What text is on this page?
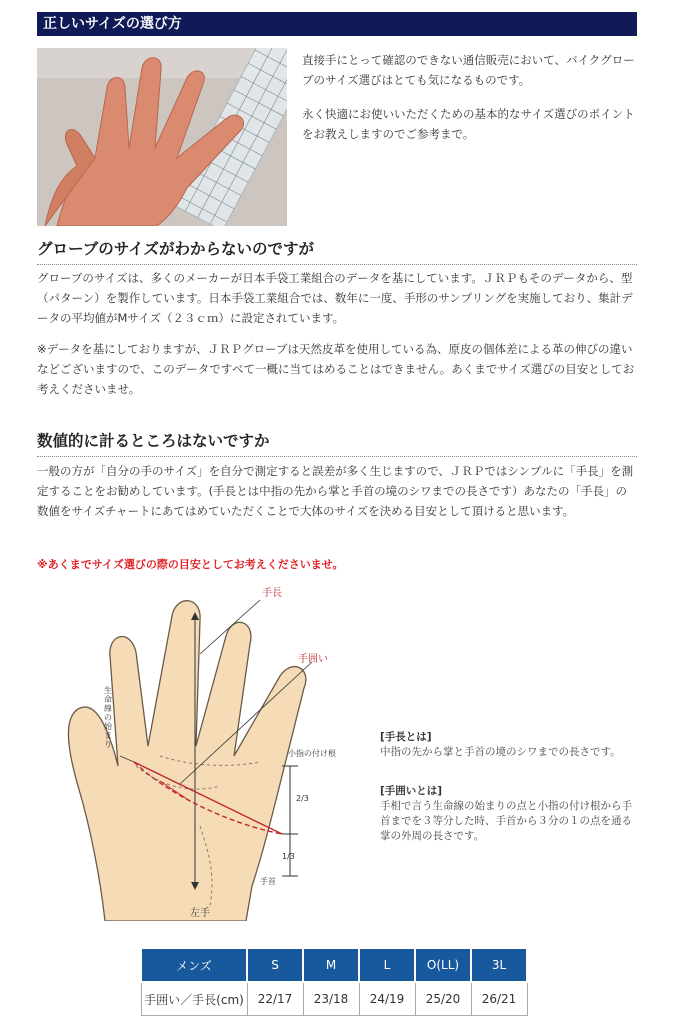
正しいサイズの選び方

直接手にとって確認のできない通信販売において、バイクグローブのサイズ選びはとても気になるものです。

永く快適にお使いいただくための基本的なサイズ選びのポイントをお教えしますのでご参考まで。

グローブのサイズがわからないのですが
グローブのサイズは、多くのメーカーが日本手袋工業組合のデータを基にしています。ＪＲＰもそのデータから、型（パターン）を製作しています。日本手袋工業組合では、数年に一度、手形のサンプリングを実施しており、集計データの平均値がMサイズ（２３ｃｍ）に設定されています。
※データを基にしておりますが、ＪＲＰグローブは天然皮革を使用している為、原皮の個体差による革の伸びの違いなどございますので、このデータですべて一概に当てはめることはできません。あくまでサイズ選びの目安としてお考えくださいませ。
数値的に計るところはないですか
一般の方が「自分の手のサイズ」を自分で測定すると誤差が多く生じますので、ＪＲＰではシンプルに「手長」を測定することをお勧めしています。(手長とは中指の先から掌と手首の境のシワまでの長さです）あなたの「手長」の数値をサイズチャートにあてはめていただくことで大体のサイズを決める目安として頂けると思います。
※あくまでサイズ選びの際の目安としてお考えくださいませ。
手長
手囲い
生命線の始まり
小指の付け根
2/3
1/3
手首
左手
[手長とは]
中指の先から掌と手首の境のシワまでの長さです。
[手囲いとは]
手相で言う生命線の始まりの点と小指の付け根から手首までを３等分した時、手首から３分の１の点を通る掌の外周の長さです。
メンズ	S	M	L	O(LL)	3L
手囲い／手長(cm)	22/17	23/18	24/19	25/20	26/21
